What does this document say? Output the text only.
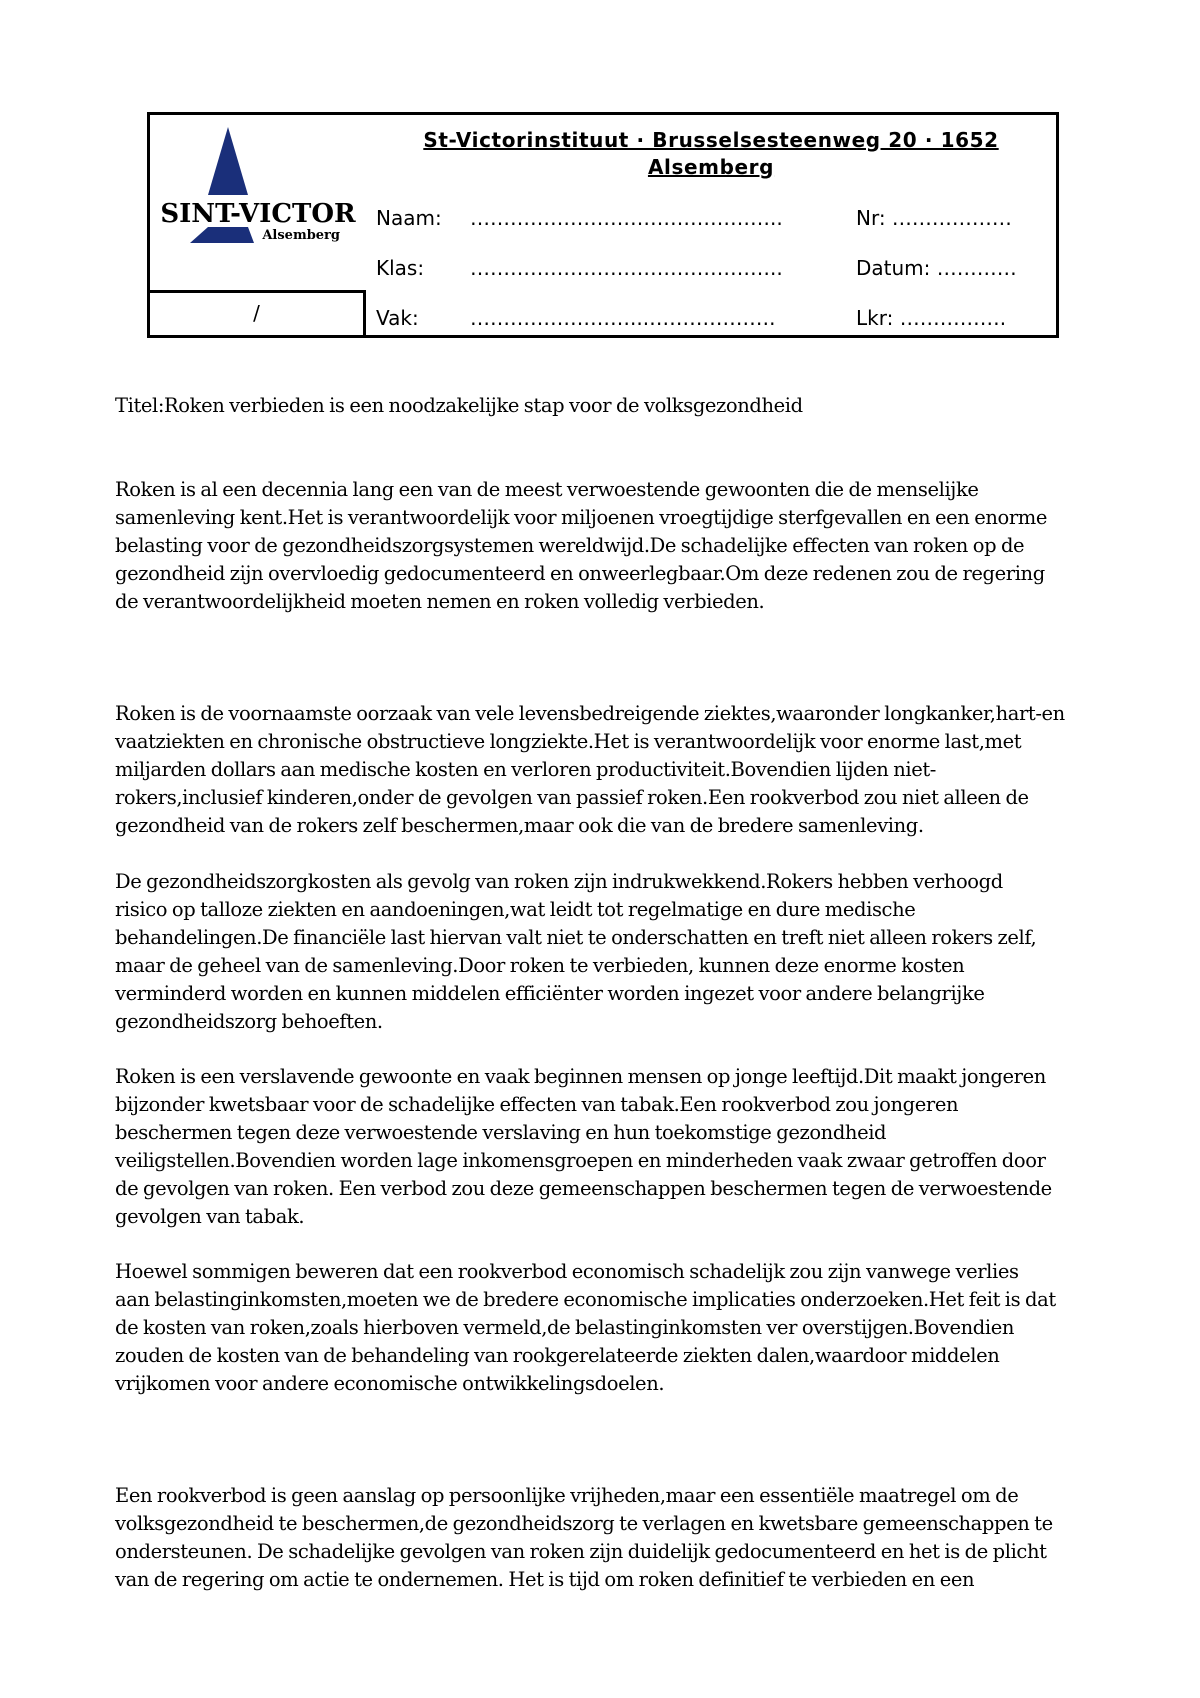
SINT-VICTOR
Alsemberg
/
St-Victorinstituut · Brusselsesteenweg 20 · 1652 Alsemberg
Naam: ………………………………………..	Nr: ………………
Klas: ………………………………………..	Datum: …………
Vak:	……………………...……………….	Lkr: …………….
Titel:Roken verbieden is een noodzakelijke stap voor de volksgezondheid

Roken is al een decennia lang een van de meest verwoestende gewoonten die de menselijke
samenleving kent.Het is verantwoordelijk voor miljoenen vroegtijdige sterfgevallen en een enorme
belasting voor de gezondheidszorgsystemen wereldwijd.De schadelijke effecten van roken op de
gezondheid zijn overvloedig gedocumenteerd en onweerlegbaar.Om deze redenen zou de regering
de verantwoordelijkheid moeten nemen en roken volledig verbieden.

Roken is de voornaamste oorzaak van vele levensbedreigende ziektes,waaronder longkanker,hart-en
vaatziekten en chronische obstructieve longziekte.Het is verantwoordelijk voor enorme last,met
miljarden dollars aan medische kosten en verloren productiviteit.Bovendien lijden niet-
rokers,inclusief kinderen,onder de gevolgen van passief roken.Een rookverbod zou niet alleen de
gezondheid van de rokers zelf beschermen,maar ook die van de bredere samenleving.

De gezondheidszorgkosten als gevolg van roken zijn indrukwekkend.Rokers hebben verhoogd
risico op talloze ziekten en aandoeningen,wat leidt tot regelmatige en dure medische
behandelingen.De financiële last hiervan valt niet te onderschatten en treft niet alleen rokers zelf,
maar de geheel van de samenleving.Door roken te verbieden, kunnen deze enorme kosten
verminderd worden en kunnen middelen efficiënter worden ingezet voor andere belangrijke
gezondheidszorg behoeften.

Roken is een verslavende gewoonte en vaak beginnen mensen op jonge leeftijd.Dit maakt jongeren
bijzonder kwetsbaar voor de schadelijke effecten van tabak.Een rookverbod zou jongeren
beschermen tegen deze verwoestende verslaving en hun toekomstige gezondheid
veiligstellen.Bovendien worden lage inkomensgroepen en minderheden vaak zwaar getroffen door
de gevolgen van roken. Een verbod zou deze gemeenschappen beschermen tegen de verwoestende
gevolgen van tabak.

Hoewel sommigen beweren dat een rookverbod economisch schadelijk zou zijn vanwege verlies
aan belastinginkomsten,moeten we de bredere economische implicaties onderzoeken.Het feit is dat
de kosten van roken,zoals hierboven vermeld,de belastinginkomsten ver overstijgen.Bovendien
zouden de kosten van de behandeling van rookgerelateerde ziekten dalen,waardoor middelen
vrijkomen voor andere economische ontwikkelingsdoelen.

Een rookverbod is geen aanslag op persoonlijke vrijheden,maar een essentiële maatregel om de
volksgezondheid te beschermen,de gezondheidszorg te verlagen en kwetsbare gemeenschappen te
ondersteunen. De schadelijke gevolgen van roken zijn duidelijk gedocumenteerd en het is de plicht
van de regering om actie te ondernemen. Het is tijd om roken definitief te verbieden en een
